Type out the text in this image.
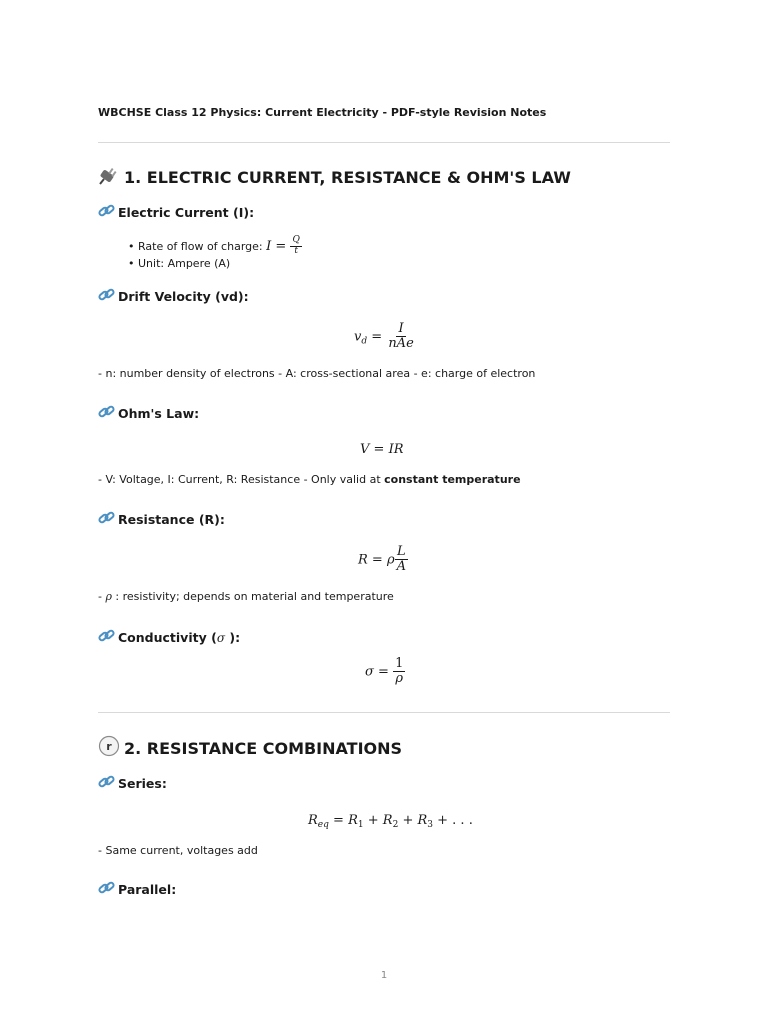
WBCHSE Class 12 Physics: Current Electricity - PDF-style Revision Notes
1. ELECTRIC CURRENT, RESISTANCE & OHM'S LAW
Electric Current (I):
• Rate of flow of charge: $I = \frac{Q}{t}$
• Unit: Ampere (A)
Drift Velocity (vd):
$v_d = \frac{I}{\text{nAe}}$
- n: number density of electrons - A: cross-sectional area - e: charge of electron
Ohm's Law:
V = IR
- V: Voltage, I: Current, R: Resistance - Only valid at constant temperature
Resistance (R):
R = ρ $\frac{L}{A}$
- ρ : resistivity; depends on material and temperature
Conductivity (σ ):
$\sigma = \frac{1}{\rho}$
r 2. RESISTANCE COMBINATIONS
Series:
$R_{eq} = R_1 + R_2 + R_3$ + . . .
- Same current, voltages add
Parallel:
1
